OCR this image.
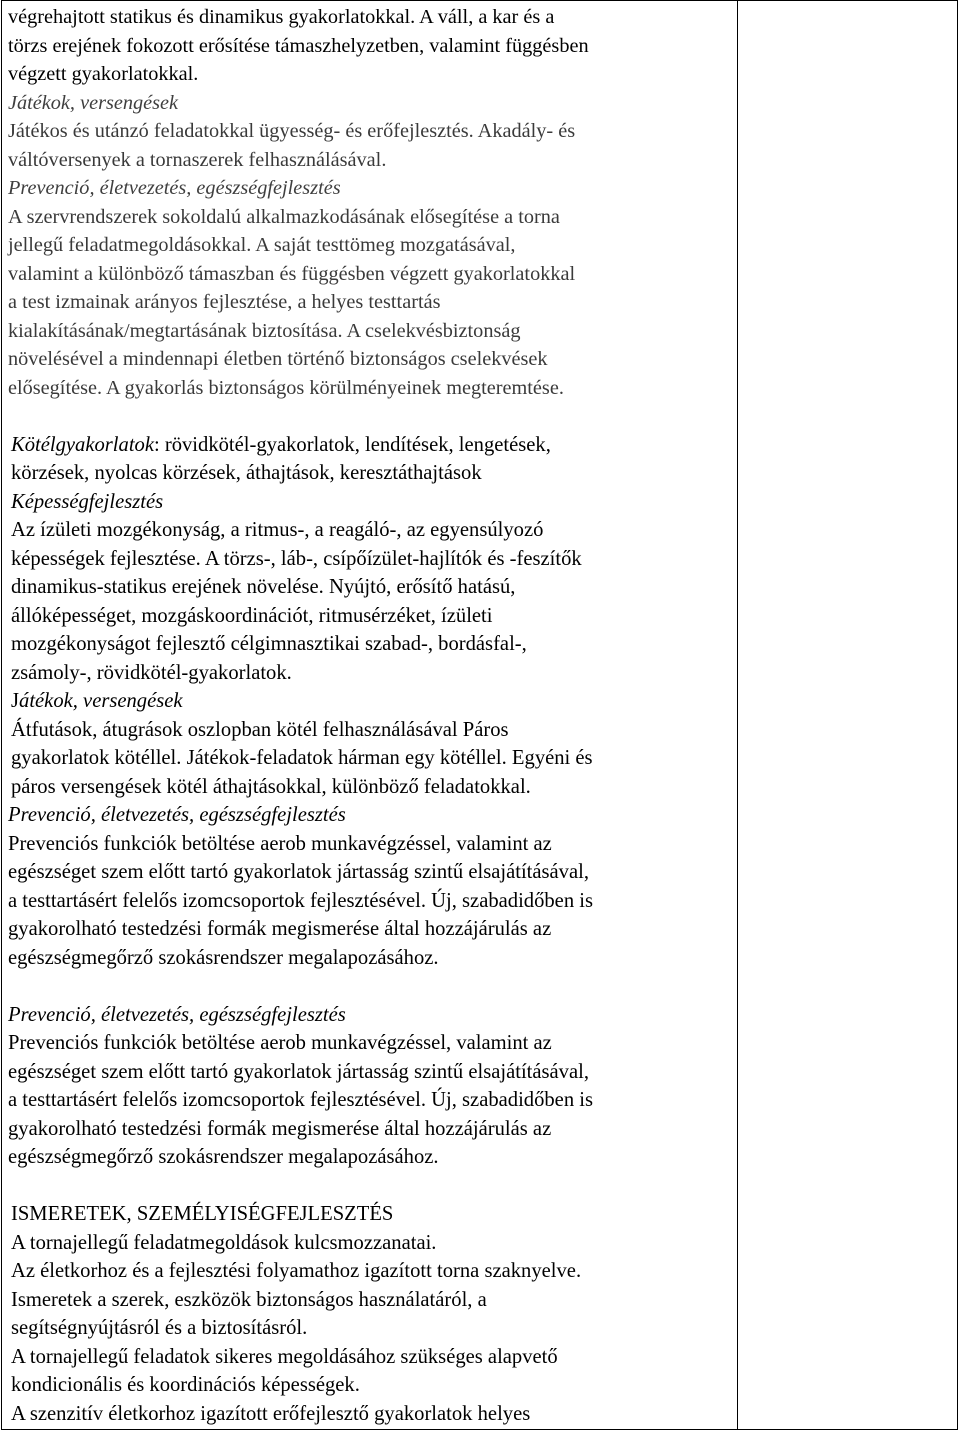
végrehajtott statikus és dinamikus gyakorlatokkal. A váll, a kar és a

törzs erejének fokozott erősítése támaszhelyzetben, valamint függésben

végzett gyakorlatokkal.

Játékok, versengések

Játékos és utánzó feladatokkal ügyesség- és erőfejlesztés. Akadály- és

váltóversenyek a tornaszerek felhasználásával.

Prevenció, életvezetés, egészségfejlesztés

A szervrendszerek sokoldalú alkalmazkodásának elősegítése a torna

jellegű feladatmegoldásokkal. A saját testtömeg mozgatásával,

valamint a különböző támaszban és függésben végzett gyakorlatokkal

a test izmainak arányos fejlesztése, a helyes testtartás

kialakításának/megtartásának biztosítása. A cselekvésbiztonság

növelésével a mindennapi életben történő biztonságos cselekvések

elősegítése. A gyakorlás biztonságos körülményeinek megteremtése.

Kötélgyakorlatok: rövidkötél-gyakorlatok, lendítések, lengetések,

körzések, nyolcas körzések, áthajtások, keresztáthajtások

Képességfejlesztés

Az ízületi mozgékonyság, a ritmus-, a reagáló-, az egyensúlyozó

képességek fejlesztése. A törzs-, láb-, csípőízület-hajlítók és -feszítők

dinamikus-statikus erejének növelése. Nyújtó, erősítő hatású,

állóképességet, mozgáskoordinációt, ritmusérzéket, ízületi

mozgékonyságot fejlesztő célgimnasztikai szabad-, bordásfal-,

zsámoly-, rövidkötél-gyakorlatok.

Játékok, versengések

Átfutások, átugrások oszlopban kötél felhasználásával Páros

gyakorlatok kötéllel. Játékok-feladatok hárman egy kötéllel. Egyéni és

páros versengések kötél áthajtásokkal, különböző feladatokkal.

Prevenció, életvezetés, egészségfejlesztés

Prevenciós funkciók betöltése aerob munkavégzéssel, valamint az

egészséget szem előtt tartó gyakorlatok jártasság szintű elsajátításával,

a testtartásért felelős izomcsoportok fejlesztésével. Új, szabadidőben is

gyakorolható testedzési formák megismerése által hozzájárulás az

egészségmegőrző szokásrendszer megalapozásához.

Prevenció, életvezetés, egészségfejlesztés

Prevenciós funkciók betöltése aerob munkavégzéssel, valamint az

egészséget szem előtt tartó gyakorlatok jártasság szintű elsajátításával,

a testtartásért felelős izomcsoportok fejlesztésével. Új, szabadidőben is

gyakorolható testedzési formák megismerése által hozzájárulás az

egészségmegőrző szokásrendszer megalapozásához.

ISMERETEK, SZEMÉLYISÉGFEJLESZTÉS

A tornajellegű feladatmegoldások kulcsmozzanatai.

Az életkorhoz és a fejlesztési folyamathoz igazított torna szaknyelve.

Ismeretek a szerek, eszközök biztonságos használatáról, a

segítségnyújtásról és a biztosításról.

A tornajellegű feladatok sikeres megoldásához szükséges alapvető

kondicionális és koordinációs képességek.

A szenzitív életkorhoz igazított erőfejlesztő gyakorlatok helyes
